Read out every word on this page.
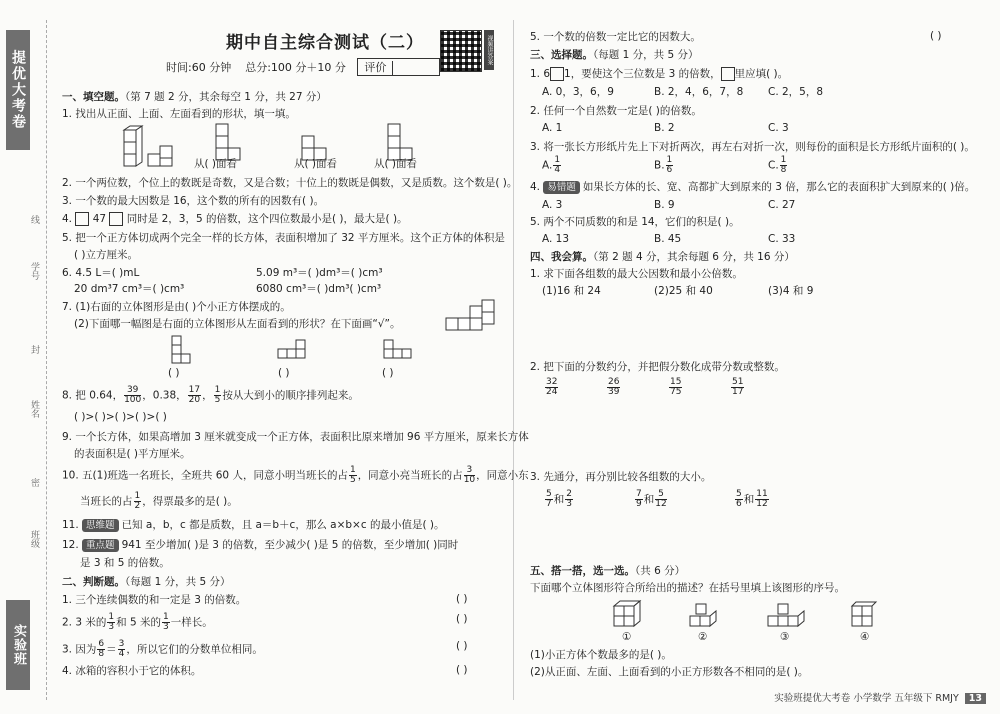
提优大考卷
实验班
线
学号
封
姓名
密
班级
期中自主综合测试（二）	视频讲答案
时间:60 分钟 总分:100 分＋10 分 评价
一、填空题。（第 7 题 2 分，其余每空 1 分，共 27 分）
1. 找出从正面、上面、左面看到的形状，填一填。
从( )面看	从( )面看	从( )面看
2. 一个两位数，个位上的数既是奇数，又是合数；十位上的数既是偶数，又是质数。这个数是( )。
3. 一个数的最大因数是 16，这个数的所有的因数有( )。
4. 47 同时是 2，3，5 的倍数，这个四位数最小是( )，最大是( )。
5. 把一个正方体切成两个完全一样的长方体，表面积增加了 32 平方厘米。这个正方体的体积是
( )立方厘米。
6. 4.5 L＝( )mL	5.09 m³＝( )dm³＝( )cm³
20 dm³7 cm³＝( )cm³	6080 cm³＝( )dm³( )cm³
7. (1)右面的立体图形是由( )个小正方体摆成的。
(2)下面哪一幅图是右面的立体图形从左面看到的形状？在下面画“√”。
( )	( )	( )
8. 把 0.64， $\frac{39}{100}$ ，0.38， $\frac{17}{20}$ ， $\frac{1}{5}$ 按从大到小的顺序排列起来。
( )>( )>( )>( )>( )
9. 一个长方体，如果高增加 3 厘米就变成一个正方体，表面积比原来增加 96 平方厘米，原来长方体
的表面积是( )平方厘米。
10. 五(1)班选一名班长，全班共 60 人，同意小明当班长的占 $\frac{1}{5}$ ，同意小亮当班长的占 $\frac{3}{10}$ ，同意小东
当班长的占 $\frac{1}{2}$ ，得票最多的是( )。
11. 思维题 已知 a，b，c 都是质数，且 a＝b＋c，那么 a×b×c 的最小值是( )。
12. 重点题 941 至少增加( )是 3 的倍数，至少减少( )是 5 的倍数，至少增加( )同时
是 3 和 5 的倍数。
二、判断题。（每题 1 分，共 5 分）
1. 三个连续偶数的和一定是 3 的倍数。	( )
2. 3 米的 $\frac{1}{3}$ 和 5 米的 $\frac{1}{3}$ 一样长。	( )
3. 因为 $\frac{6}{8} = \frac{3}{4}$ ，所以它们的分数单位相同。	( )
4. 冰箱的容积小于它的体积。	( )
5. 一个数的倍数一定比它的因数大。	( )
三、选择题。（每题 1 分，共 5 分）
1. 6 1，要使这个三位数是 3 的倍数， 里应填( )。
A. 0，3，6，9	B. 2，4，6，7，8 C. 2，5，8
2. 任何一个自然数一定是( )的倍数。
A. 1	B. 2	C. 3
3. 将一张长方形纸片先上下对折两次，再左右对折一次，则每份的面积是长方形纸片面积的( )。
A. $\frac{1}{4}$	B. $\frac{1}{6}$	C. $\frac{1}{8}$
4. 易错题 如果长方体的长、宽、高都扩大到原来的 3 倍，那么它的表面积扩大到原来的( )倍。
A. 3	B. 9	C. 27
5. 两个不同质数的和是 14，它们的积是( )。
A. 13	B. 45	C. 33
四、我会算。（第 2 题 4 分，其余每题 6 分，共 16 分）
1. 求下面各组数的最大公因数和最小公倍数。
(1)16 和 24	(2)25 和 40	(3)4 和 9
2. 把下面的分数约分，并把假分数化成带分数或整数。
$\frac{32}{24}$	$\frac{26}{39}$	$\frac{15}{75}$	$\frac{51}{17}$
3. 先通分，再分别比较各组数的大小。
$\frac{5}{7}$ 和 $\frac{2}{3}$	$\frac{7}{9}$ 和 $\frac{5}{12}$	$\frac{5}{6}$ 和 $\frac{11}{12}$
五、搭一搭，选一选。（共 6 分）
下面哪个立体图形符合所给出的描述？在括号里填上该图形的序号。
①	②	③	④
(1)小正方体个数最多的是( )。
(2)从正面、左面、上面看到的小正方形数各不相同的是( )。
实验班提优大考卷 小学数学 五年级下 RMJY 13
